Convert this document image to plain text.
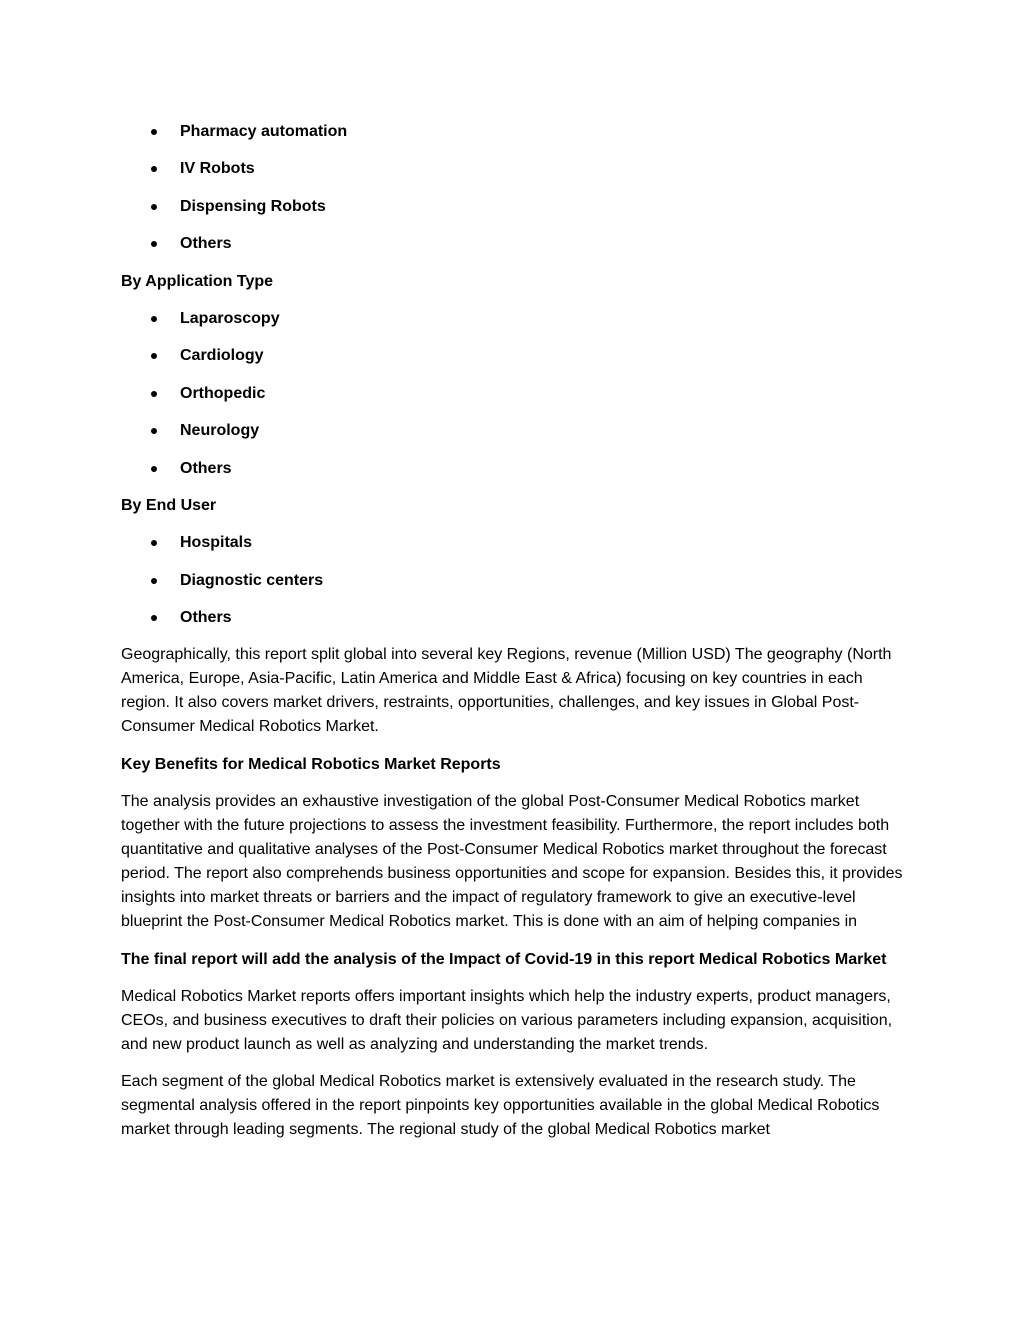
Pharmacy automation
IV Robots
Dispensing Robots
Others
By Application Type
Laparoscopy
Cardiology
Orthopedic
Neurology
Others
By End User
Hospitals
Diagnostic centers
Others

Geographically, this report split global into several key Regions, revenue (Million USD) The geography (North America, Europe, Asia-Pacific, Latin America and Middle East & Africa) focusing on key countries in each region. It also covers market drivers, restraints, opportunities, challenges, and key issues in Global Post-Consumer Medical Robotics Market.

Key Benefits for Medical Robotics Market Reports

The analysis provides an exhaustive investigation of the global Post-Consumer Medical Robotics market together with the future projections to assess the investment feasibility. Furthermore, the report includes both quantitative and qualitative analyses of the Post-Consumer Medical Robotics market throughout the forecast period. The report also comprehends business opportunities and scope for expansion. Besides this, it provides insights into market threats or barriers and the impact of regulatory framework to give an executive-level blueprint the Post-Consumer Medical Robotics market. This is done with an aim of helping companies in

The final report will add the analysis of the Impact of Covid-19 in this report Medical Robotics Market

Medical Robotics Market reports offers important insights which help the industry experts, product managers, CEOs, and business executives to draft their policies on various parameters including expansion, acquisition, and new product launch as well as analyzing and understanding the market trends.

Each segment of the global Medical Robotics market is extensively evaluated in the research study. The segmental analysis offered in the report pinpoints key opportunities available in the global Medical Robotics market through leading segments. The regional study of the global Medical Robotics market
